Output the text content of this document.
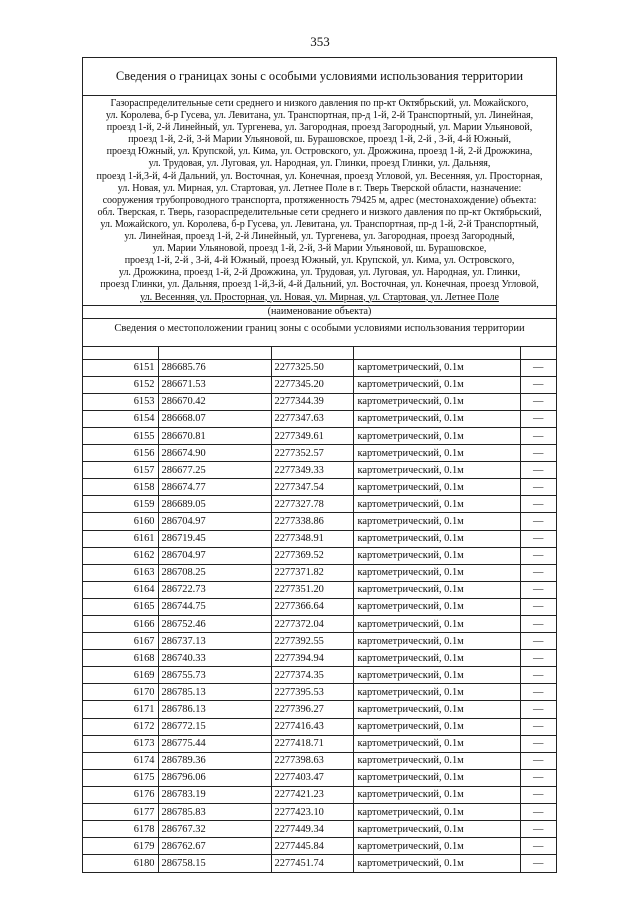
353
Сведения о границах зоны с особыми условиями использования территории
Газораспределительные сети среднего и низкого давления по пр-кт Октябрьский, ул. Можайского,
ул. Королева, б-р Гусева, ул. Левитана, ул. Транспортная, пр-д 1-й, 2-й Транспортный, ул. Линейная,
проезд 1-й, 2-й Линейный, ул. Тургенева, ул. Загородная, проезд Загородный, ул. Марии Ульяновой,
проезд 1-й, 2-й, 3-й Марии Ульяновой, ш. Бурашовское, проезд 1-й, 2-й , 3-й, 4-й Южный,
проезд Южный, ул. Крупской, ул. Кима, ул. Островского, ул. Дрожжина, проезд 1-й, 2-й Дрожжина,
ул. Трудовая, ул. Луговая, ул. Народная, ул. Глинки, проезд Глинки, ул. Дальняя,
проезд 1-й,3-й, 4-й Дальний, ул. Восточная, ул. Конечная, проезд Угловой, ул. Весенняя, ул. Просторная,
ул. Новая, ул. Мирная, ул. Стартовая, ул. Летнее Поле в г. Тверь Тверской области, назначение:
сооружения трубопроводного транспорта, протяженность 79425 м, адрес (местонахождение) объекта:
обл. Тверская, г. Тверь, газораспределительные сети среднего и низкого давления по пр-кт Октябрьский,
ул. Можайского, ул. Королева, б-р Гусева, ул. Левитана, ул. Транспортная, пр-д 1-й, 2-й Транспортный,
ул. Линейная, проезд 1-й, 2-й Линейный, ул. Тургенева, ул. Загородная, проезд Загородный,
ул. Марии Ульяновой, проезд 1-й, 2-й, 3-й Марии Ульяновой, ш. Бурашовское,
проезд 1-й, 2-й , 3-й, 4-й Южный, проезд Южный, ул. Крупской, ул. Кима, ул. Островского,
ул. Дрожжина, проезд 1-й, 2-й Дрожжина, ул. Трудовая, ул. Луговая, ул. Народная, ул. Глинки,
проезд Глинки, ул. Дальняя, проезд 1-й,3-й, 4-й Дальний, ул. Восточная, ул. Конечная, проезд Угловой,
ул. Весенняя, ул. Просторная, ул. Новая, ул. Мирная, ул. Стартовая, ул. Летнее Поле
(наименование объекта)
Сведения о местоположении границ зоны с особыми условиями использования территории

6151	286685.76	2277325.50	картометрический, 0.1м	—
6152	286671.53	2277345.20	картометрический, 0.1м	—
6153	286670.42	2277344.39	картометрический, 0.1м	—
6154	286668.07	2277347.63	картометрический, 0.1м	—
6155	286670.81	2277349.61	картометрический, 0.1м	—
6156	286674.90	2277352.57	картометрический, 0.1м	—
6157	286677.25	2277349.33	картометрический, 0.1м	—
6158	286674.77	2277347.54	картометрический, 0.1м	—
6159	286689.05	2277327.78	картометрический, 0.1м	—
6160	286704.97	2277338.86	картометрический, 0.1м	—
6161	286719.45	2277348.91	картометрический, 0.1м	—
6162	286704.97	2277369.52	картометрический, 0.1м	—
6163	286708.25	2277371.82	картометрический, 0.1м	—
6164	286722.73	2277351.20	картометрический, 0.1м	—
6165	286744.75	2277366.64	картометрический, 0.1м	—
6166	286752.46	2277372.04	картометрический, 0.1м	—
6167	286737.13	2277392.55	картометрический, 0.1м	—
6168	286740.33	2277394.94	картометрический, 0.1м	—
6169	286755.73	2277374.35	картометрический, 0.1м	—
6170	286785.13	2277395.53	картометрический, 0.1м	—
6171	286786.13	2277396.27	картометрический, 0.1м	—
6172	286772.15	2277416.43	картометрический, 0.1м	—
6173	286775.44	2277418.71	картометрический, 0.1м	—
6174	286789.36	2277398.63	картометрический, 0.1м	—
6175	286796.06	2277403.47	картометрический, 0.1м	—
6176	286783.19	2277421.23	картометрический, 0.1м	—
6177	286785.83	2277423.10	картометрический, 0.1м	—
6178	286767.32	2277449.34	картометрический, 0.1м	—
6179	286762.67	2277445.84	картометрический, 0.1м	—
6180	286758.15	2277451.74	картометрический, 0.1м	—
